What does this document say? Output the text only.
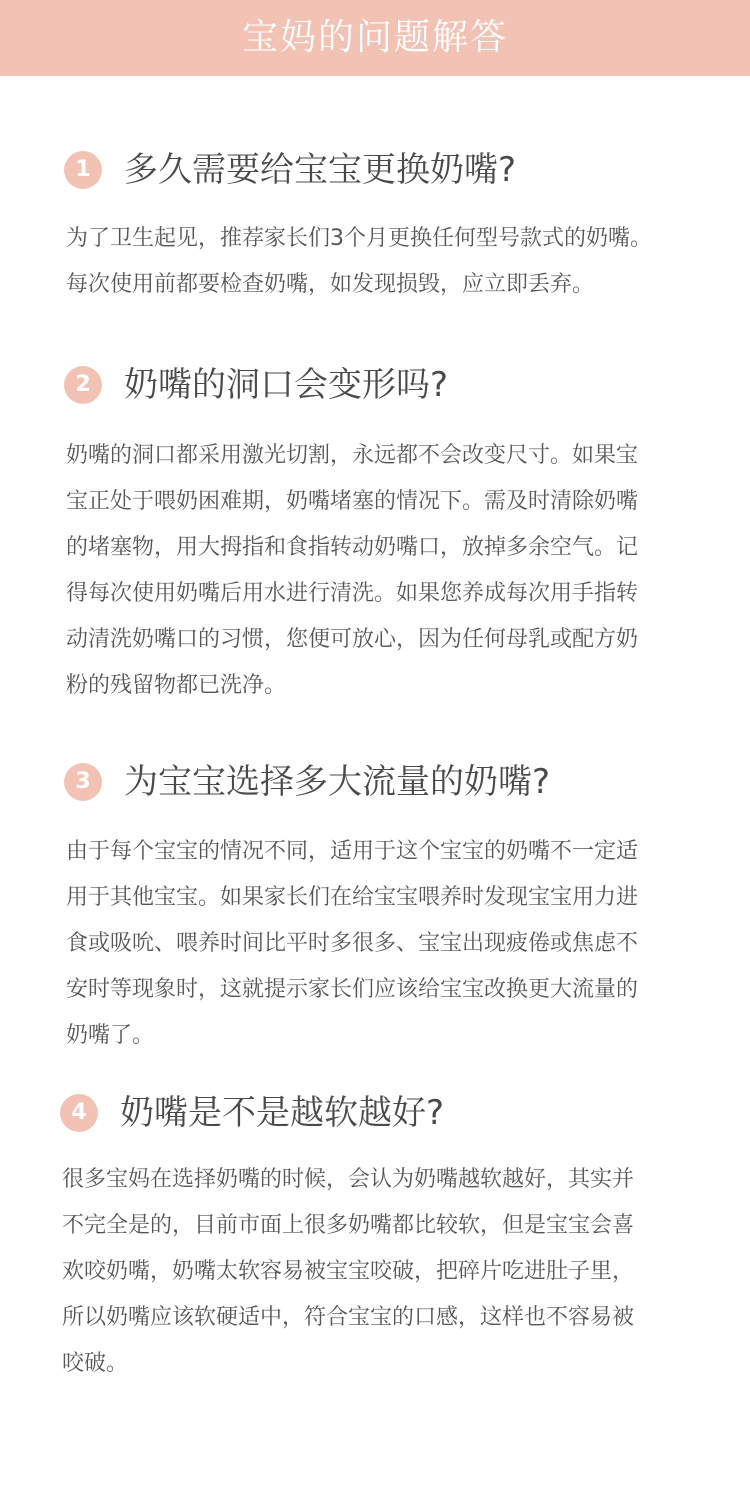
宝妈的问题解答
1 多久需要给宝宝更换奶嘴?

为了卫生起见，推荐家长们3个月更换任何型号款式的奶嘴。
每次使用前都要检查奶嘴，如发现损毁，应立即丢弃。

2 奶嘴的洞口会变形吗?

奶嘴的洞口都采用激光切割，永远都不会改变尺寸。如果宝
宝正处于喂奶困难期，奶嘴堵塞的情况下。需及时清除奶嘴
的堵塞物，用大拇指和食指转动奶嘴口，放掉多余空气。记
得每次使用奶嘴后用水进行清洗。如果您养成每次用手指转
动清洗奶嘴口的习惯，您便可放心，因为任何母乳或配方奶
粉的残留物都已洗净。

3 为宝宝选择多大流量的奶嘴?

由于每个宝宝的情况不同，适用于这个宝宝的奶嘴不一定适
用于其他宝宝。如果家长们在给宝宝喂养时发现宝宝用力进
食或吸吮、喂养时间比平时多很多、宝宝出现疲倦或焦虑不
安时等现象时，这就提示家长们应该给宝宝改换更大流量的
奶嘴了。

4 奶嘴是不是越软越好?

很多宝妈在选择奶嘴的时候，会认为奶嘴越软越好，其实并
不完全是的，目前市面上很多奶嘴都比较软，但是宝宝会喜
欢咬奶嘴，奶嘴太软容易被宝宝咬破，把碎片吃进肚子里，
所以奶嘴应该软硬适中，符合宝宝的口感，这样也不容易被
咬破。
